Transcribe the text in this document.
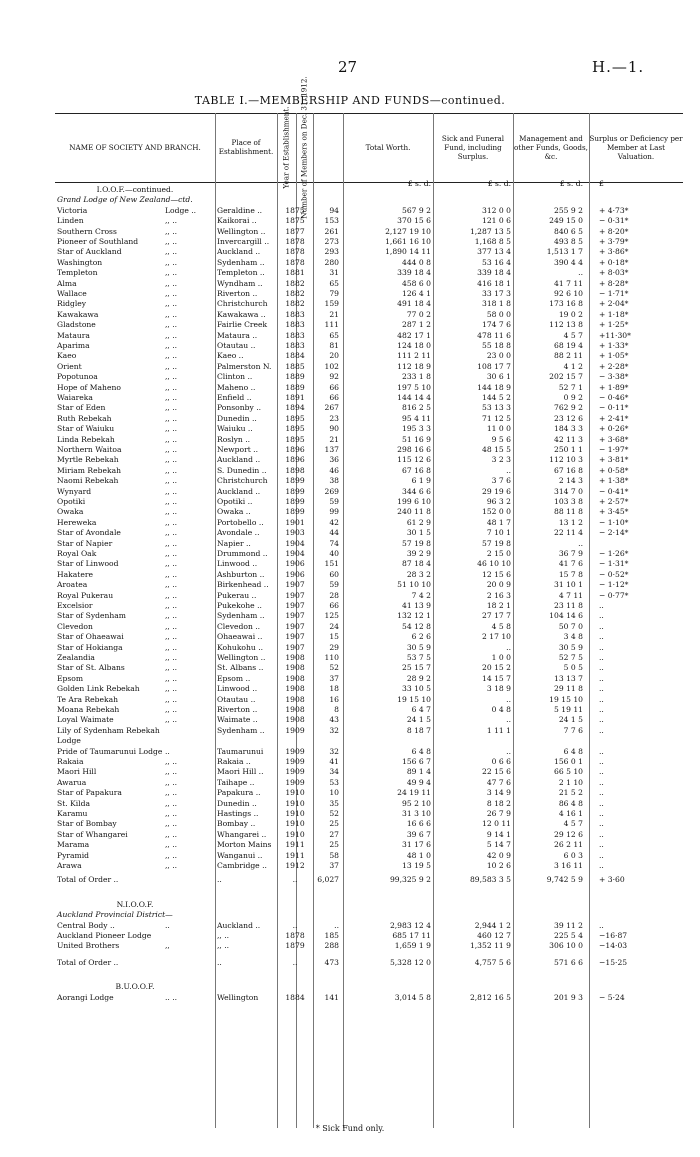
27	H.—1.
TABLE I.—MEMBERSHIP AND FUNDS—continued.
NAME OF SOCIETY AND BRANCH.	Place of Establishment.	Year of Establishment. Number of Members on Dec. 31, 1912.	Total Worth.
Sick and Funeral Fund, including Surplus.
Management and other Funds, Goods, &c.
Surplus or Deficiency per Member at Last Valuation.
£ s. d.	£ s. d.	£ s. d.	£
I.O.O.F.—continued.
Grand Lodge of New Zealand—ctd.
Victoria	Lodge ..	Geraldine ..	1875	94	567 9 2	312 0 0	255 9 2	+ 4·73*
Linden	,, ..	Kaikorai ..	1875	153	370 15 6	121 0 6	249 15 0	− 0·31*
Southern Cross	,, ..	Wellington ..	1877	261	2,127 19 10	1,287 13 5	840 6 5	+ 8·20*
Pioneer of Southland	,, ..	Invercargill ..	1878	273	1,661 16 10	1,168 8 5	493 8 5	+ 3·79*
Star of Auckland	,, ..	Auckland ..	1878	293	1,890 14 11	377 13 4	1,513 1 7	+ 3·86*
Washington	,, ..	Sydenham ..	1878	280	444 0 8	53 16 4	390 4 4	+ 0·18*
Templeton	,, ..	Templeton ..	1881	31	339 18 4	339 18 4	..	+ 8·03*
Alma	,, ..	Wyndham ..	1882	65	458 6 0	416 18 1	41 7 11	+ 8·28*
Wallace	,, ..	Riverton ..	1882	79	126 4 1	33 17 3	92 6 10	− 1·71*
Ridgley	,, ..	Christchurch	1882	159	491 18 4	318 1 8	173 16 8	+ 2·04*
Kawakawa	,, ..	Kawakawa ..	1883	21	77 0 2	58 0 0	19 0 2	+ 1·18*
Gladstone	,, ..	Fairlie Creek	1883	111	287 1 2	174 7 6	112 13 8	+ 1·25*
Mataura	,, ..	Mataura ..	1883	65	482 17 1	478 11 6	4 5 7	+11·30*
Aparima	,, ..	Otautau ..	1883	81	124 18 0	55 18 8	68 19 4	+ 1·33*
Kaeo	,, ..	Kaeo ..	1884	20	111 2 11	23 0 0	88 2 11	+ 1·05*
Orient	,, ..	Palmerston N.	1885	102	112 18 9	108 17 7	4 1 2	+ 2·28*
Popotunoa	,, ..	Clinton ..	1889	92	233 1 8	30 6 1	202 15 7	− 3·38*
Hope of Maheno	,, ..	Maheno ..	1889	66	197 5 10	144 18 9	52 7 1	+ 1·89*
Waiareka	,, ..	Enfield ..	1891	66	144 14 4	144 5 2	0 9 2	− 0·46*
Star of Eden	,, ..	Ponsonby ..	1894	267	816 2 5	53 13 3	762 9 2	− 0·11*
Ruth Rebekah	,, ..	Dunedin ..	1895	23	95 4 11	71 12 5	23 12 6	+ 2·41*
Star of Waiuku	,, ..	Waiuku ..	1895	90	195 3 3	11 0 0	184 3 3	+ 0·26*
Linda Rebekah	,, ..	Roslyn ..	1895	21	51 16 9	9 5 6	42 11 3	+ 3·68*
Northern Waitoa	,, ..	Newport ..	1896	137	298 16 6	48 15 5	250 1 1	− 1·97*
Myrtle Rebekah	,, ..	Auckland ..	1896	36	115 12 6	3 2 3	112 10 3	+ 3·81*
Miriam Rebekah	,, ..	S. Dunedin ..	1898	46	67 16 8	..	67 16 8	+ 0·58*
Naomi Rebekah	,, ..	Christchurch	1899	38	6 1 9	3 7 6	2 14 3	+ 1·38*
Wynyard	,, ..	Auckland ..	1899	269	344 6 6	29 19 6	314 7 0	− 0·41*
Opotiki	,, ..	Opotiki ..	1899	59	199 6 10	96 3 2	103 3 8	+ 2·57*
Owaka	,, ..	Owaka ..	1899	99	240 11 8	152 0 0	88 11 8	+ 3·45*
Hereweka	,, ..	Portobello ..	1901	42	61 2 9	48 1 7	13 1 2	− 1·10*
Star of Avondale	,, ..	Avondale ..	1903	44	30 1 5	7 10 1	22 11 4	− 2·14*
Star of Napier	,, ..	Napier ..	1904	74	57 19 8	57 19 8	..
Royal Oak	,, ..	Drummond ..	1904	40	39 2 9	2 15 0	36 7 9	− 1·26*
Star of Linwood	,, ..	Linwood ..	1906	151	87 18 4	46 10 10	41 7 6	− 1·31*
Hakatere	,, ..	Ashburton ..	1906	60	28 3 2	12 15 6	15 7 8	− 0·52*
Aroatea	,, ..	Birkenhead ..	1907	59	51 10 10	20 0 9	31 10 1	− 1·12*
Royal Pukerau	,, ..	Pukerau ..	1907	28	7 4 2	2 16 3	4 7 11	− 0·77*
Excelsior	,, ..	Pukekohe ..	1907	66	41 13 9	18 2 1	23 11 8	..
Star of Sydenham	,, ..	Sydenham ..	1907	125	132 12 1	27 17 7	104 14 6	..
Clevedon	,, ..	Clevedon ..	1907	24	54 12 8	4 5 8	50 7 0	..
Star of Ohaeawai	,, ..	Ohaeawai ..	1907	15	6 2 6	2 17 10	3 4 8	..
Star of Hokianga	,, ..	Kohukohu ..	1907	29	30 5 9	..	30 5 9	..
Zealandia	,, ..	Wellington ..	1908	110	53 7 5	1 0 0	52 7 5	..
Star of St. Albans	,, ..	St. Albans ..	1908	52	25 15 7	20 15 2	5 0 5	..
Epsom	,, ..	Epsom ..	1908	37	28 9 2	14 15 7	13 13 7	..
Golden Link Rebekah	,, ..	Linwood ..	1908	18	33 10 5	3 18 9	29 11 8	..
Te Ara Rebekah	,, ..	Otautau ..	1908	16	19 15 10	..	19 15 10	..
Moana Rebekah	,, ..	Riverton ..	1908	8	6 4 7	0 4 8	5 19 11	..
Loyal Waimate	,, ..	Waimate ..	1908	43	24 1 5	..	24 1 5	..
Lily of Sydenham Rebekah	Sydenham ..	1909	32	8 18 7	1 11 1	7 7 6	..
Lodge
Pride of Taumarunui Lodge ..	Taumarunui	1909	32	6 4 8	..	6 4 8	..
Rakaia	,, ..	Rakaia ..	1909	41	156 6 7	0 6 6	156 0 1	..
Maori Hill	,, ..	Maori Hill ..	1909	34	89 1 4	22 15 6	66 5 10	..
Awarua	,, ..	Taihape ..	1909	53	49 9 4	47 7 6	2 1 10	..
Star of Papakura	,, ..	Papakura ..	1910	10	24 19 11	3 14 9	21 5 2	..
St. Kilda	,, ..	Dunedin ..	1910	35	95 2 10	8 18 2	86 4 8	..
Karamu	,, ..	Hastings ..	1910	52	31 3 10	26 7 9	4 16 1	..
Star of Bombay	,, ..	Bombay ..	1910	25	16 6 6	12 0 11	4 5 7	..
Star of Whangarei	,, ..	Whangarei ..	1910	27	39 6 7	9 14 1	29 12 6	..
Marama	,, ..	Morton Mains	1911	25	31 17 6	5 14 7	26 2 11	..
Pyramid	,, ..	Wanganui ..	1911	58	48 1 0	42 0 9	6 0 3	..
Arawa	,, ..	Cambridge ..	1912	37	13 19 5	10 2 6	3 16 11	..
Total of Order ..	..	..	6,027	99,325 9 2	89,583 3 5	9,742 5 9	+ 3·60
N.I.O.O.F.
Auckland Provincial District—
Central Body ..	..	Auckland ..	..	..	2,983 12 4	2,944 1 2	39 11 2	..
Auckland Pioneer Lodge	,, ..	1878	185	685 17 11	460 12 7	225 5 4	−16·87
United Brothers	,,	,, ..	1879	288	1,659 1 9	1,352 11 9	306 10 0	−14·03
Total of Order ..	..	..	473	5,328 12 0	4,757 5 6	571 6 6	−15·25
B.U.O.O.F.
Aorangi Lodge	.. ..	Wellington	1884	141	3,014 5 8	2,812 16 5	201 9 3	− 5·24
* Sick Fund only.
